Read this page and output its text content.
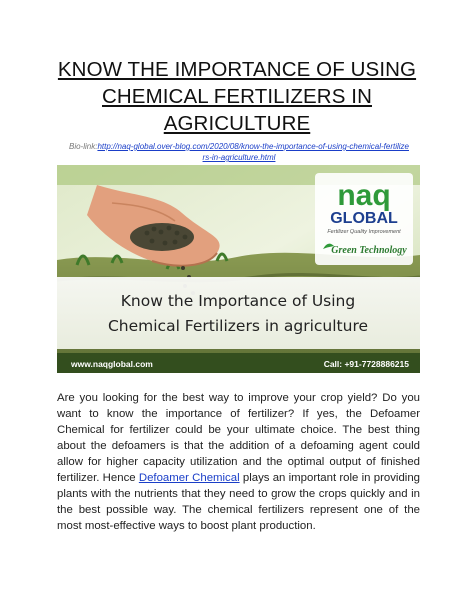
KNOW THE IMPORTANCE OF USING
CHEMICAL FERTILIZERS IN
AGRICULTURE
Bio-link:http://naq-global.over-blog.com/2020/08/know-the-importance-of-using-chemical-fertilize
rs-in-agriculture.html
naq
GLOBAL
Fertilizer Quality Improvement
Green Technology
Know the Importance of Using
Chemical Fertilizers in agriculture
www.naqglobal.com	Call: +91-7728886215
Are you looking for the best way to improve your crop yield? Do you want to know the importance of fertilizer? If yes, the Defoamer Chemical for fertilizer could be your ultimate choice. The best thing about the defoamers is that the addition of a defoaming agent could allow for higher capacity utilization and the optimal output of finished fertilizer. Hence Defoamer Chemical plays an important role in providing plants with the nutrients that they need to grow the crops quickly and in the best possible way. The chemical fertilizers represent one of the most most-effective ways to boost plant production.
